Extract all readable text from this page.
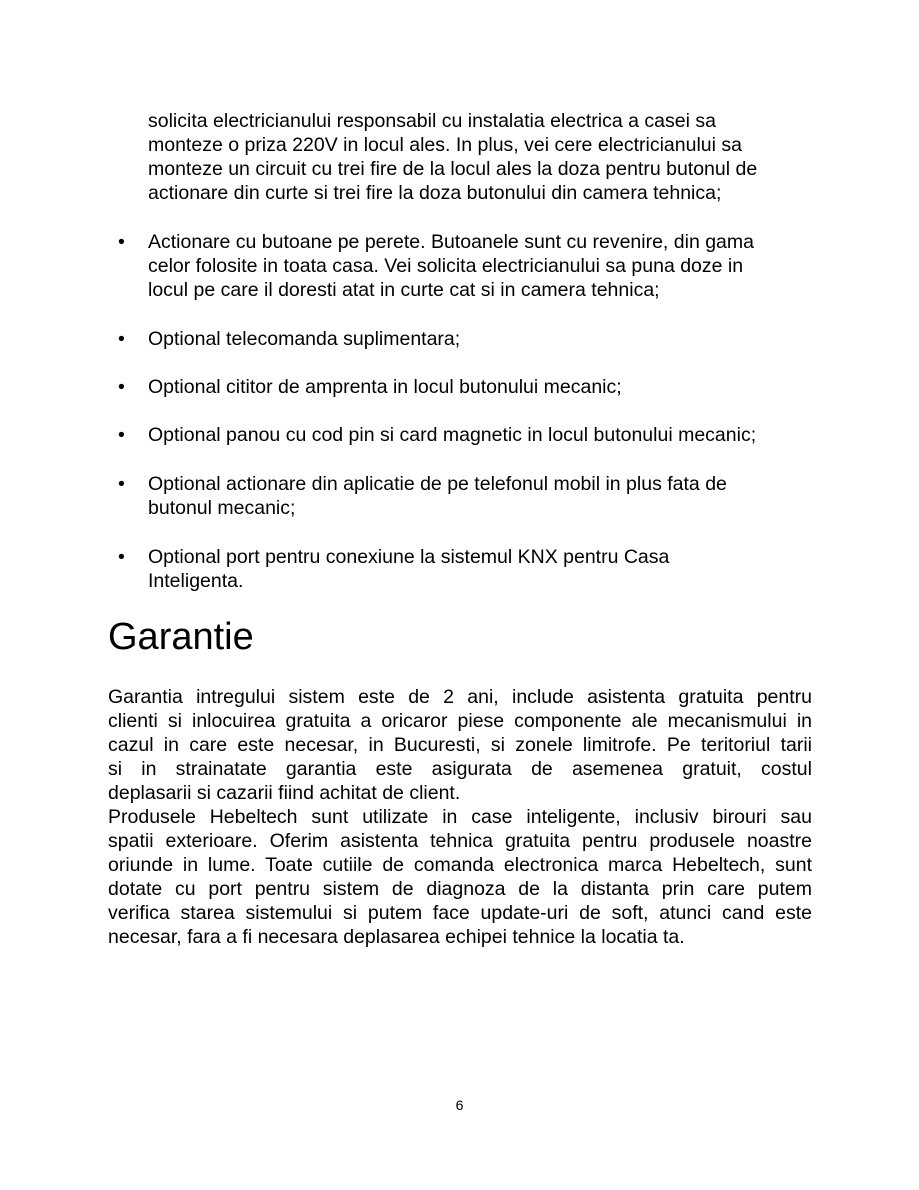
solicita electricianului responsabil cu instalatia electrica a casei sa
monteze o priza 220V in locul ales. In plus, vei cere electricianului sa
monteze un circuit cu trei fire de la locul ales la doza pentru butonul de
actionare din curte si trei fire la doza butonului din camera tehnica;
• Actionare cu butoane pe perete. Butoanele sunt cu revenire, din gama
celor folosite in toata casa. Vei solicita electricianului sa puna doze in
locul pe care il doresti atat in curte cat si in camera tehnica;
• Optional telecomanda suplimentara;
• Optional cititor de amprenta in locul butonului mecanic;
• Optional panou cu cod pin si card magnetic in locul butonului mecanic;
• Optional actionare din aplicatie de pe telefonul mobil in plus fata de
butonul mecanic;
• Optional port pentru conexiune la sistemul KNX pentru Casa
Inteligenta.
Garantie
Garantia intregului sistem este de 2 ani, include asistenta gratuita pentru
clienti si inlocuirea gratuita a oricaror piese componente ale mecanismului in
cazul in care este necesar, in Bucuresti, si zonele limitrofe. Pe teritoriul tarii
si in strainatate garantia este asigurata de asemenea gratuit, costul
deplasarii si cazarii fiind achitat de client.
Produsele Hebeltech sunt utilizate in case inteligente, inclusiv birouri sau
spatii exterioare. Oferim asistenta tehnica gratuita pentru produsele noastre
oriunde in lume. Toate cutiile de comanda electronica marca Hebeltech, sunt
dotate cu port pentru sistem de diagnoza de la distanta prin care putem
verifica starea sistemului si putem face update-uri de soft, atunci cand este
necesar, fara a fi necesara deplasarea echipei tehnice la locatia ta.
6
